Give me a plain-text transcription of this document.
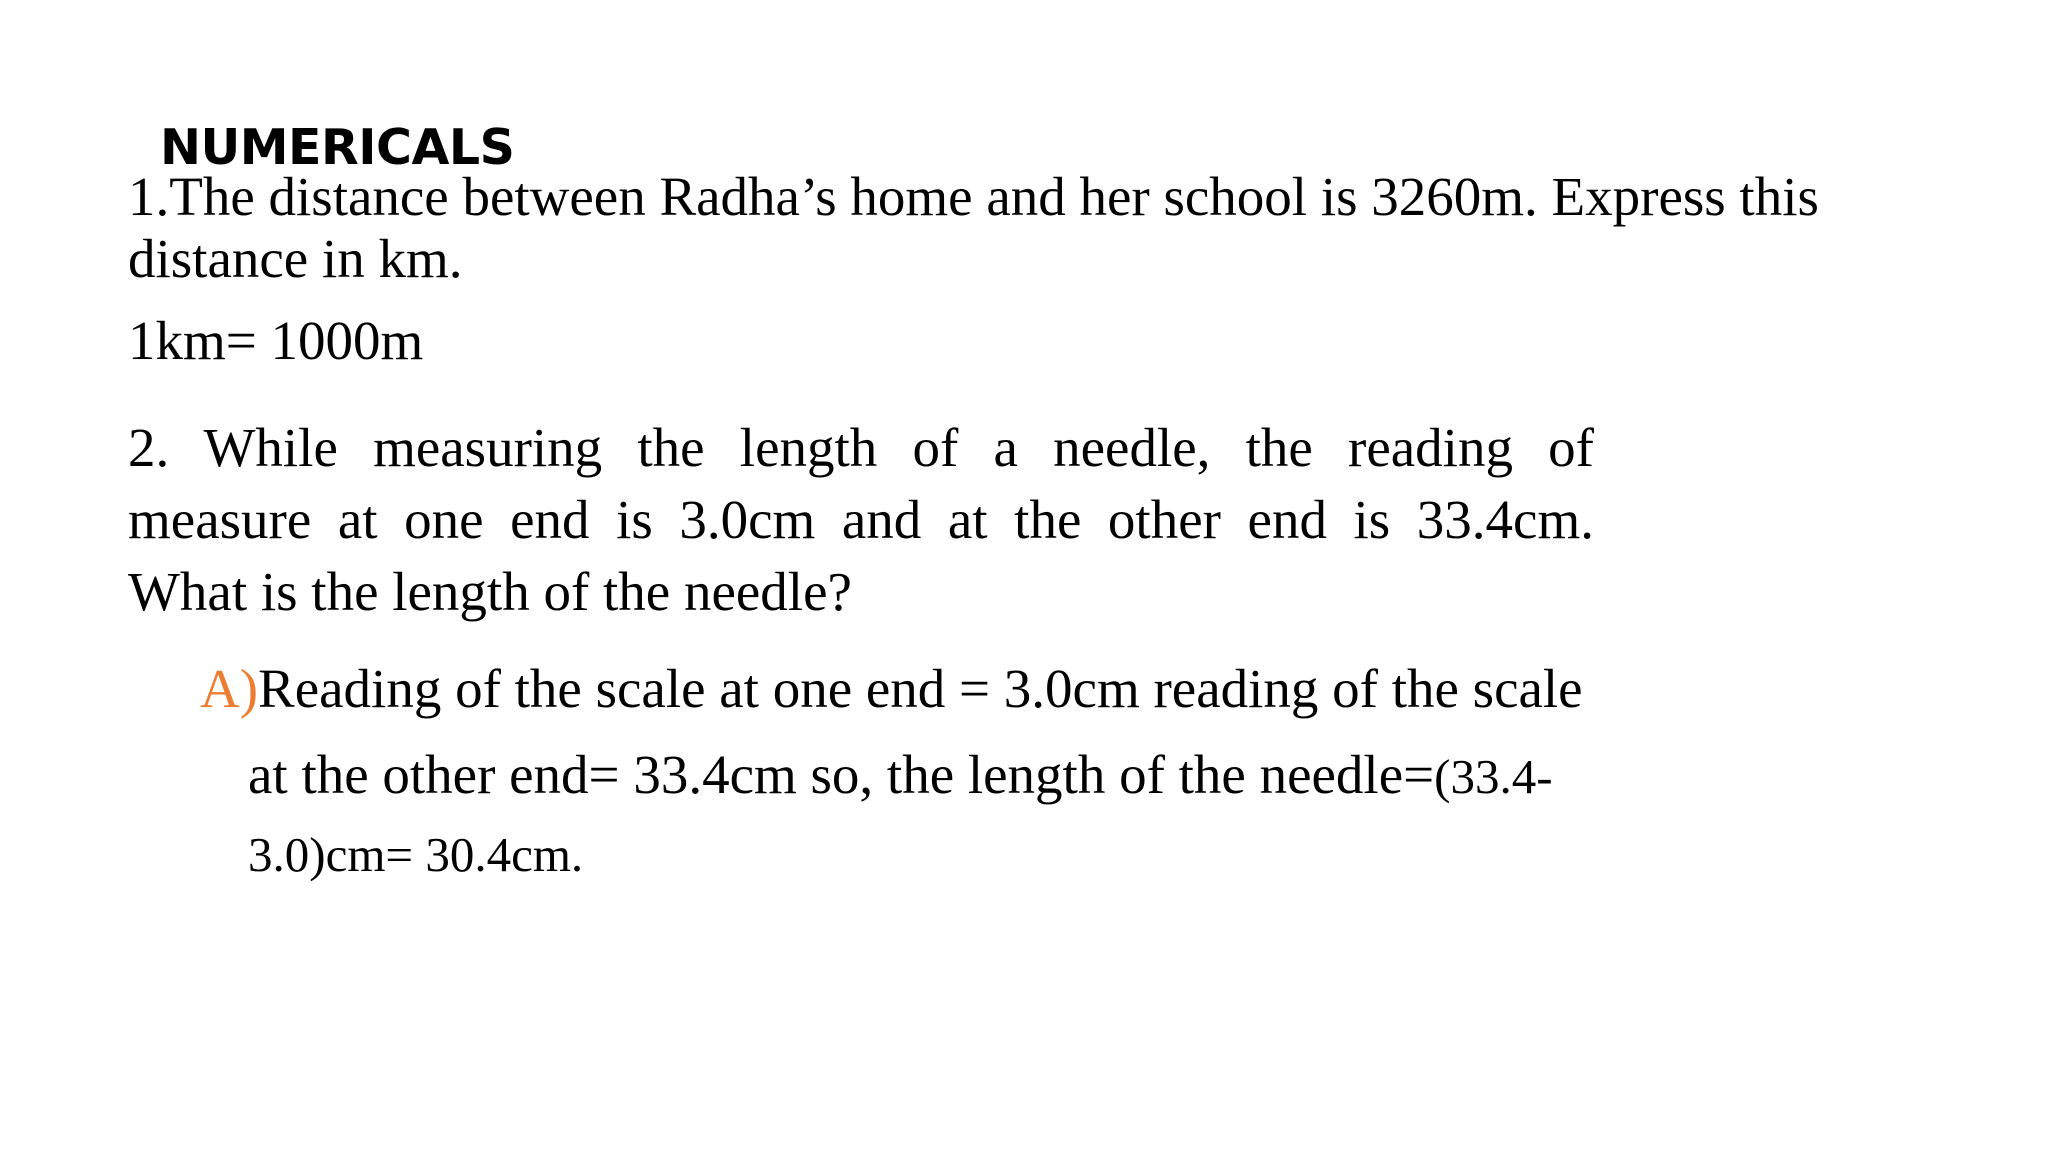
NUMERICALS
1.The distance between Radha’s home and her school is 3260m. Express this
distance in km.
1km= 1000m
2. While measuring the length of a needle, the reading of
measure at one end is 3.0cm and at the other end is 33.4cm.
What is the length of the needle?
A)Reading of the scale at one end = 3.0cm reading of the scale
at the other end= 33.4cm so, the length of the needle=(33.4-
3.0)cm= 30.4cm.
